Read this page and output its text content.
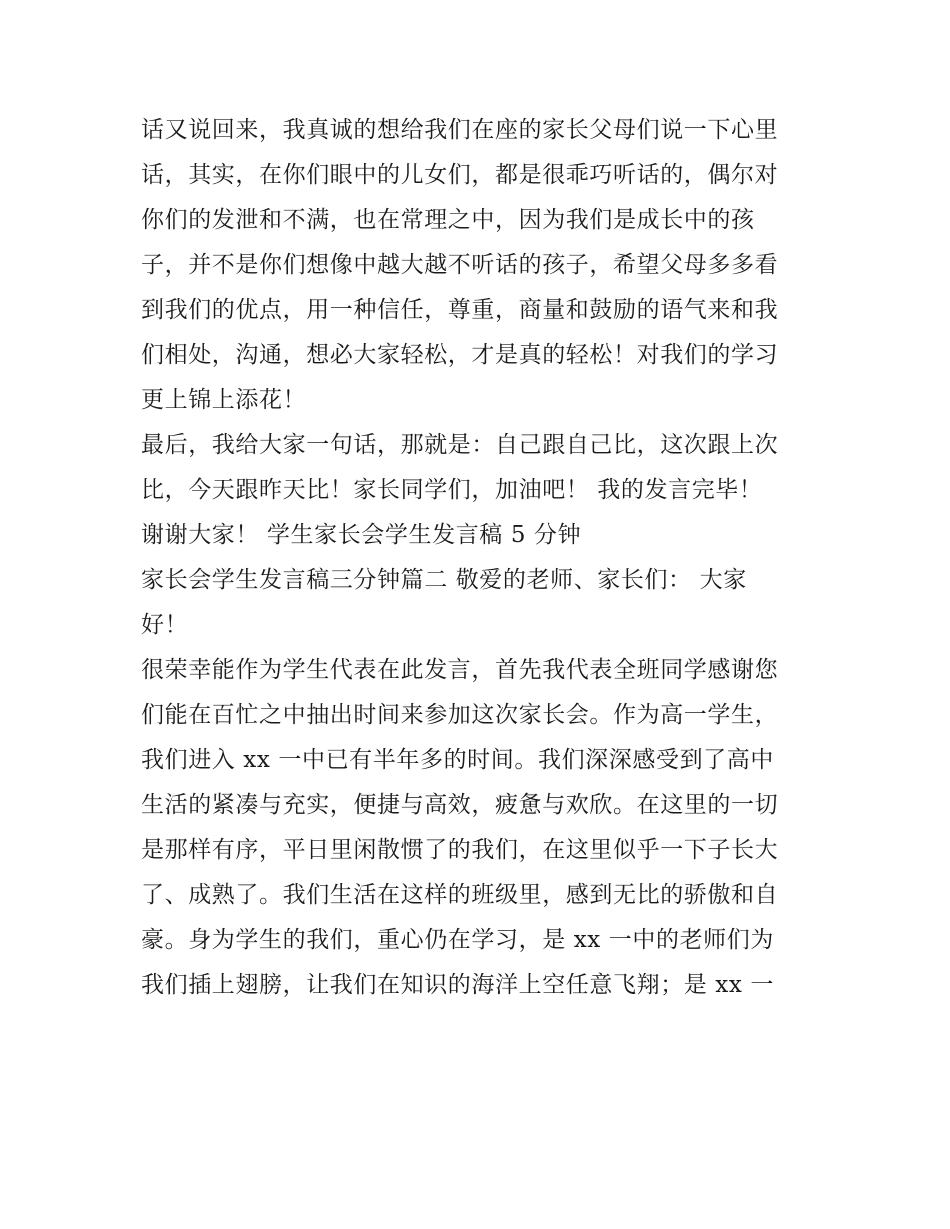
话又说回来，我真诚的想给我们在座的家长父母们说一下心里
话，其实，在你们眼中的儿女们，都是很乖巧听话的，偶尔对
你们的发泄和不满，也在常理之中，因为我们是成长中的孩
子，并不是你们想像中越大越不听话的孩子，希望父母多多看
到我们的优点，用一种信任，尊重，商量和鼓励的语气来和我
们相处，沟通，想必大家轻松，才是真的轻松！对我们的学习
更上锦上添花！
最后，我给大家一句话，那就是：自己跟自己比，这次跟上次
比，今天跟昨天比！家长同学们，加油吧！ 我的发言完毕！
谢谢大家！ 学生家长会学生发言稿 5 分钟
家长会学生发言稿三分钟篇二 敬爱的老师、家长们： 大家
好！
很荣幸能作为学生代表在此发言，首先我代表全班同学感谢您
们能在百忙之中抽出时间来参加这次家长会。作为高一学生，
我们进入 xx 一中已有半年多的时间。我们深深感受到了高中
生活的紧凑与充实，便捷与高效，疲惫与欢欣。在这里的一切
是那样有序，平日里闲散惯了的我们，在这里似乎一下子长大
了、成熟了。我们生活在这样的班级里，感到无比的骄傲和自
豪。身为学生的我们，重心仍在学习，是 xx 一中的老师们为
我们插上翅膀，让我们在知识的海洋上空任意飞翔；是 xx 一
